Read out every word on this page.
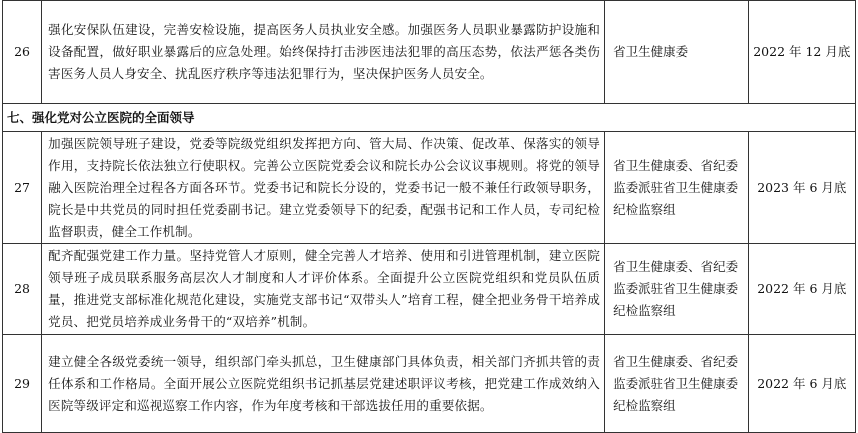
26	强化安保队伍建设，完善安检设施，提高医务人员执业安全感。加强医务人员职业暴露防护设施和设备配置，做好职业暴露后的应急处理。始终保持打击涉医违法犯罪的高压态势，依法严惩各类伤害医务人员人身安全、扰乱医疗秩序等违法犯罪行为，坚决保护医务人员安全。	省卫生健康委	2022 年 12 月底
七、强化党对公立医院的全面领导			
27	加强医院领导班子建设，党委等院级党组织发挥把方向、管大局、作决策、促改革、保落实的领导作用，支持院长依法独立行使职权。完善公立医院党委会议和院长办公会议议事规则。将党的领导融入医院治理全过程各方面各环节。党委书记和院长分设的，党委书记一般不兼任行政领导职务，院长是中共党员的同时担任党委副书记。建立党委领导下的纪委，配强书记和工作人员，专司纪检监督职责，健全工作机制。	省卫生健康委、省纪委监委派驻省卫生健康委纪检监察组	2023 年 6 月底
28	配齐配强党建工作力量。坚持党管人才原则，健全完善人才培养、使用和引进管理机制，建立医院领导班子成员联系服务高层次人才制度和人才评价体系。全面提升公立医院党组织和党员队伍质量，推进党支部标准化规范化建设，实施党支部书记“双带头人”培育工程，健全把业务骨干培养成党员、把党员培养成业务骨干的“双培养”机制。	省卫生健康委、省纪委监委派驻省卫生健康委纪检监察组	2022 年 6 月底
29	建立健全各级党委统一领导，组织部门牵头抓总，卫生健康部门具体负责，相关部门齐抓共管的责任体系和工作格局。全面开展公立医院党组织书记抓基层党建述职评议考核，把党建工作成效纳入医院等级评定和巡视巡察工作内容，作为年度考核和干部选拔任用的重要依据。	省卫生健康委、省纪委监委派驻省卫生健康委纪检监察组	2022 年 6 月底
